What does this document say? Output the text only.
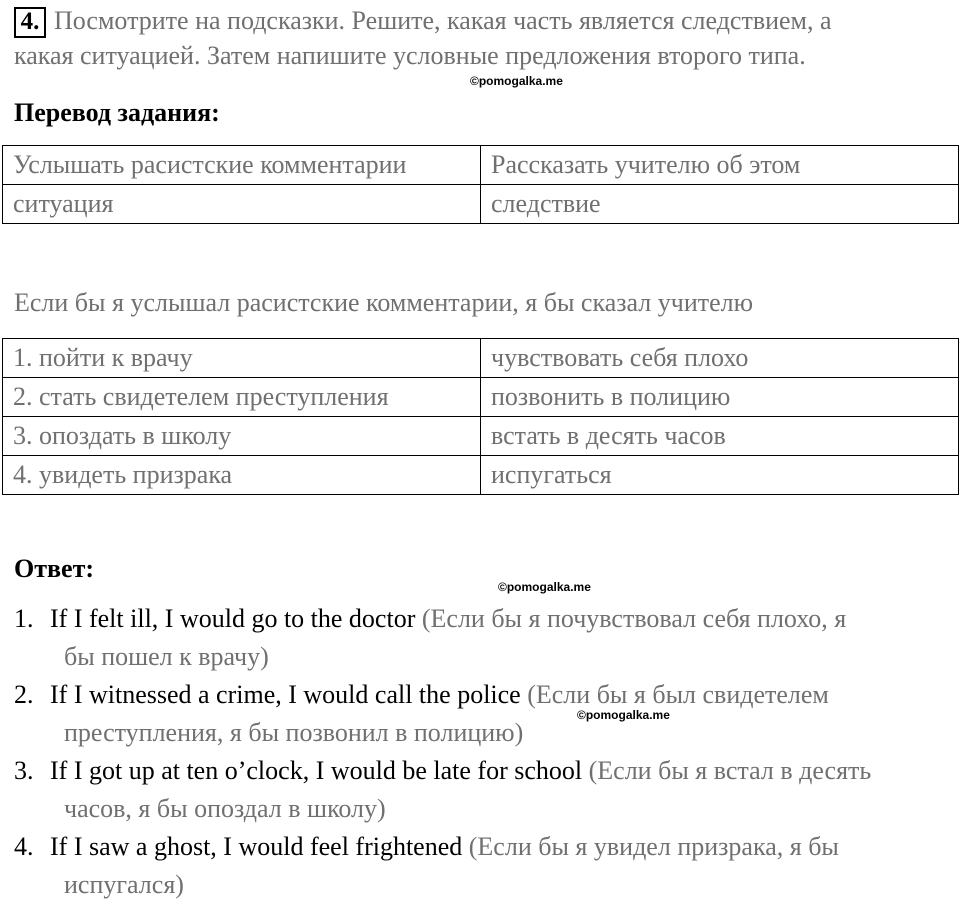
4. Посмотрите на подсказки. Решите, какая часть является следствием, а
какая ситуацией. Затем напишите условные предложения второго типа.
©pomogalka.me
Перевод задания:
Услышать расистские комментарии	Рассказать учителю об этом
ситуация	следствие
Если бы я услышал расистские комментарии, я бы сказал учителю
1. пойти к врачу	чувствовать себя плохо
2. стать свидетелем преступления	позвонить в полицию
3. опоздать в школу	встать в десять часов
4. увидеть призрака	испугаться
Ответ:
©pomogalka.me
1. If I felt ill, I would go to the doctor (Если бы я почувствовал себя плохо, я
бы пошел к врачу)
2. If I witnessed a crime, I would call the police (Если бы я был свидетелем
преступления, я бы позвонил в полицию)
3. If I got up at ten o’clock, I would be late for school (Если бы я встал в десять
часов, я бы опоздал в школу)
4. If I saw a ghost, I would feel frightened (Если бы я увидел призрака, я бы
испугался)
©pomogalka.me
